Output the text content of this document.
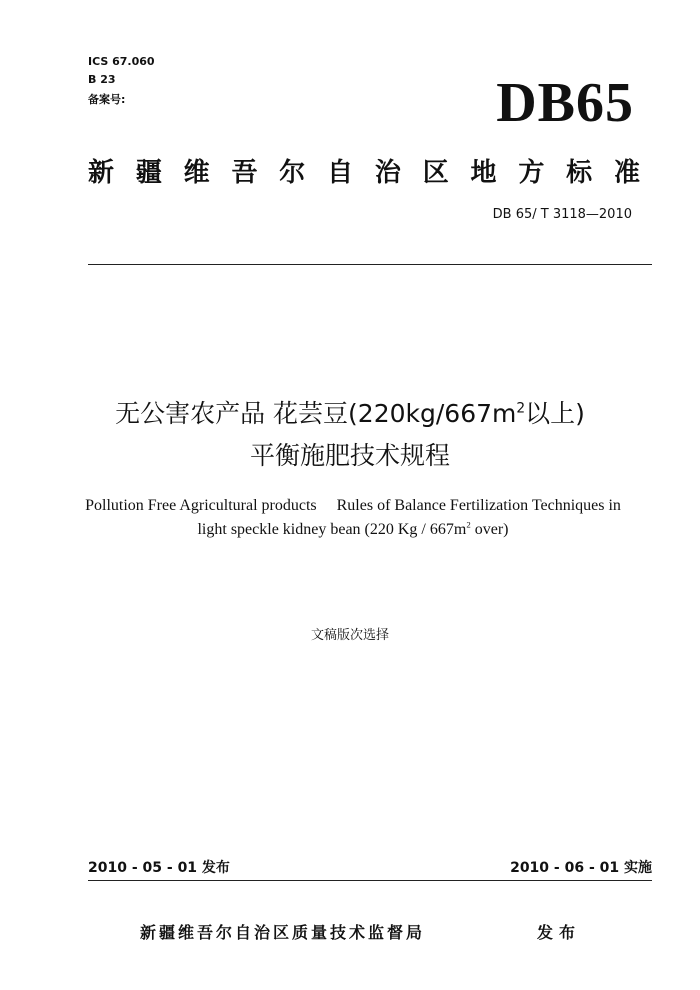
ICS 67.060
B 23
备案号:	DB65
新 疆 维 吾 尔 自 治 区 地 方 标 准
DB 65/ T 3118—2010
无公害农产品 花芸豆($220kg/667m^2$以上)
平衡施肥技术规程
Pollution Free Agricultural products     Rules of Balance Fertilization Techniques in
light speckle kidney bean (220 Kg / $667m^2$ over)
文稿版次选择
2010 - 05 - 01 发布	2010 - 06 - 01 实施
新疆维吾尔自治区质量技术监督局	发布
